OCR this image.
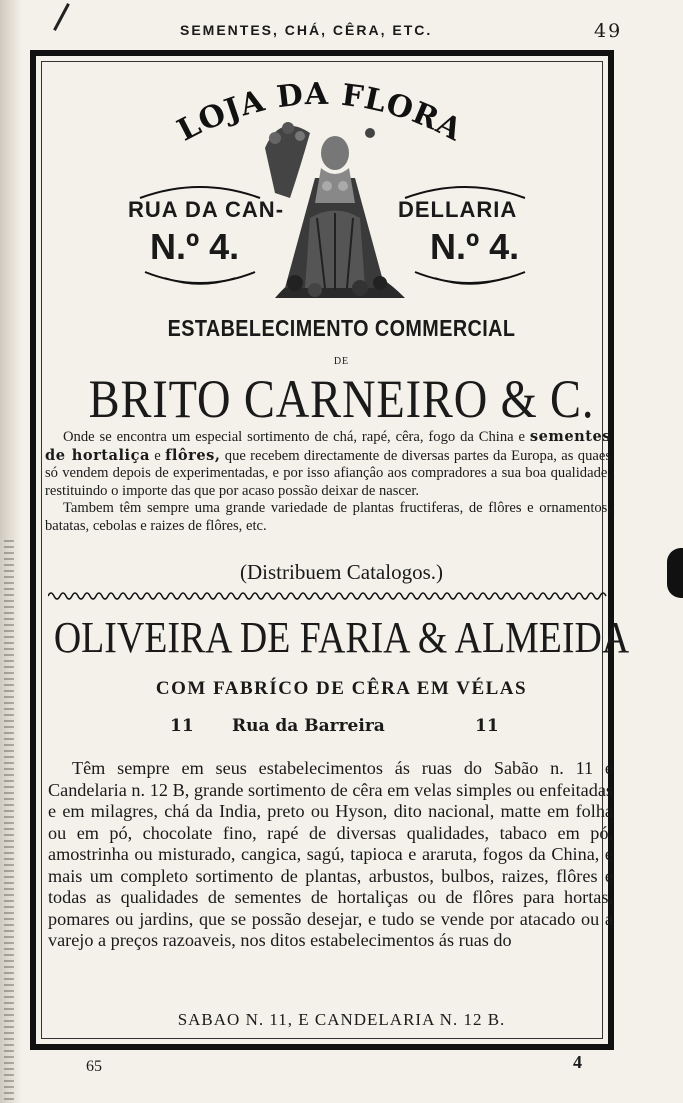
SEMENTES, CHÁ, CÊRA, ETC.	49
LOJA DA FLORA
RUA DA CAN-	DELLARIA
N.º 4.	N.º 4.
ESTABELECIMENTO COMMERCIAL
DE
BRITO CARNEIRO & C.
Onde se encontra um especial sortimento de chá, rapé, cêra, fogo da China e sementes de hortaliça e flôres, que recebem directamente de diversas partes da Europa, as quaes só vendem depois de experimentadas, e por isso afiançâo aos compradores a sua boa qualidade, restituindo o importe das que por acaso possão deixar de nascer.
Tambem têm sempre uma grande variedade de plantas fructiferas, de flôres e ornamentos, batatas, cebolas e raizes de flôres, etc.
(Distribuem Catalogos.)
OLIVEIRA DE FARIA & ALMEIDA
COM FABRÍCO DE CÊRA EM VÉLAS
11 Rua da Barreira	11
Têm sempre em seus estabelecimentos ás ruas do Sabão n. 11 e Candelaria n. 12 B, grande sortimento de cêra em velas simples ou enfeitadas e em milagres, chá da India, preto ou Hyson, dito nacional, matte em folha ou em pó, chocolate fino, rapé de diversas qualidades, tabaco em pó, amostrinha ou misturado, cangica, sagú, tapioca e araruta, fogos da China, e mais um completo sortimento de plantas, arbustos, bulbos, raizes, flôres e todas as qualidades de sementes de hortaliças ou de flôres para hortas, pomares ou jardins, que se possão desejar, e tudo se vende por atacado ou a varejo a preços razoaveis, nos ditos estabelecimentos ás ruas do
SABAO N. 11, E CANDELARIA N. 12 B.
65	4
